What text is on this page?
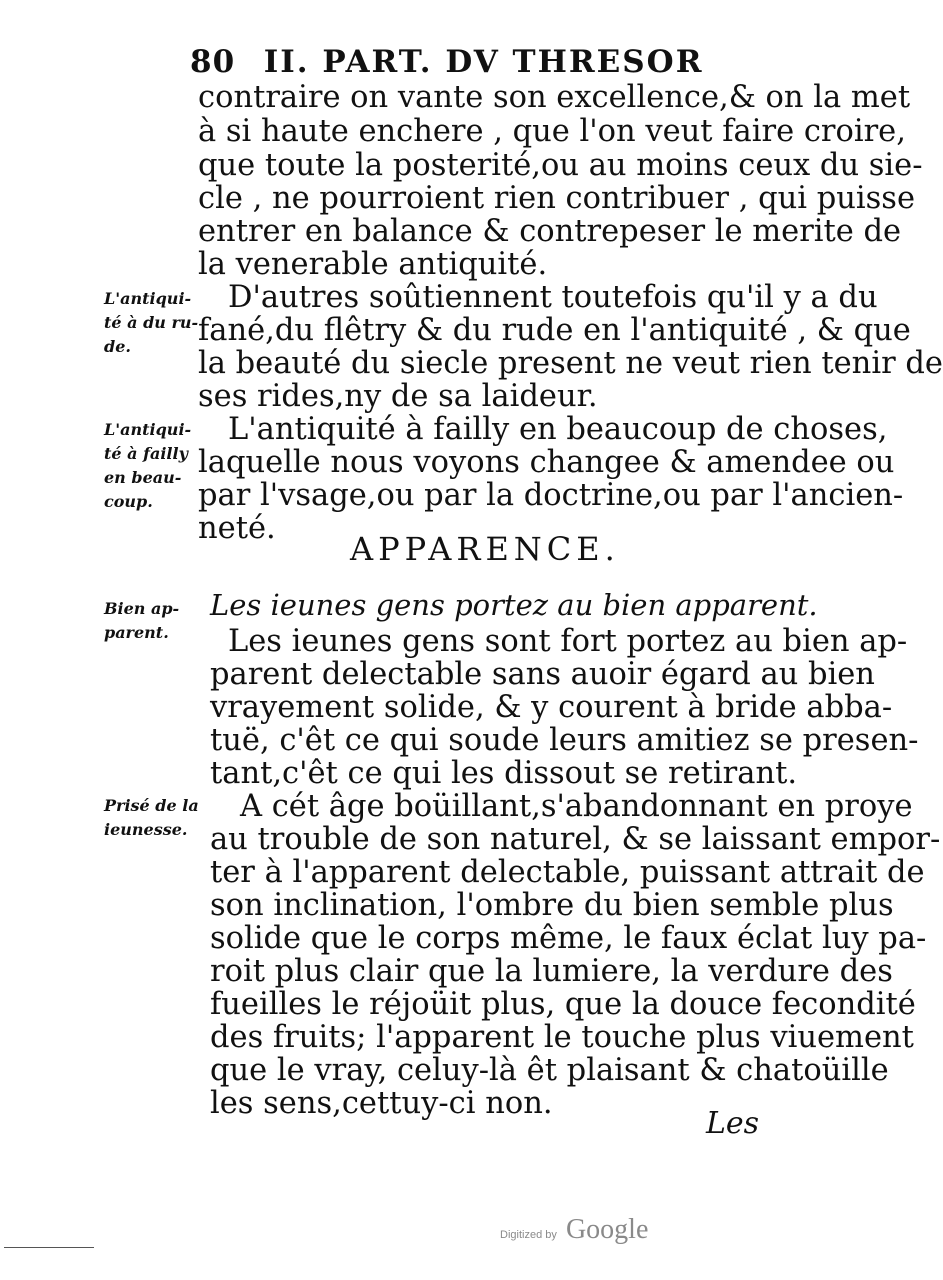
80 II. PART. DV THRESOR
contraire on vante son excellence,& on la met
à si haute enchere , que l'on veut faire croire,
que toute la posterité,ou au moins ceux du sie-
cle , ne pourroient rien contribuer , qui puisse
entrer en balance & contrepeser le merite de
la venerable antiquité.
D'autres soûtiennent toutefois qu'il y a du
fané,du flêtry & du rude en l'antiquité , & que
la beauté du siecle present ne veut rien tenir de
ses rides,ny de sa laideur.
L'antiquité à failly en beaucoup de choses,
laquelle nous voyons changee & amendee ou
par l'vsage,ou par la doctrine,ou par l'ancien-
neté.
L'antiqui- té à du ru- de.
L'antiqui- té à failly en beau- coup.
Bien ap- parent.
Prisé de la ieunesse.
APPARENCE.
Les ieunes gens portez au bien apparent.
Les ieunes gens sont fort portez au bien ap-
parent delectable sans auoir égard au bien
vrayement solide, & y courent à bride abba-
tuë, c'êt ce qui soude leurs amitiez se presen-
tant,c'êt ce qui les dissout se retirant.
A cét âge boüillant,s'abandonnant en proye
au trouble de son naturel, & se laissant empor-
ter à l'apparent delectable, puissant attrait de
son inclination, l'ombre du bien semble plus
solide que le corps même, le faux éclat luy pa-
roit plus clair que la lumiere, la verdure des
fueilles le réjoüit plus, que la douce fecondité
des fruits; l'apparent le touche plus viuement
que le vray, celuy-là êt plaisant & chatoüille
les sens,cettuy-ci non.
Les
Digitized by Google
